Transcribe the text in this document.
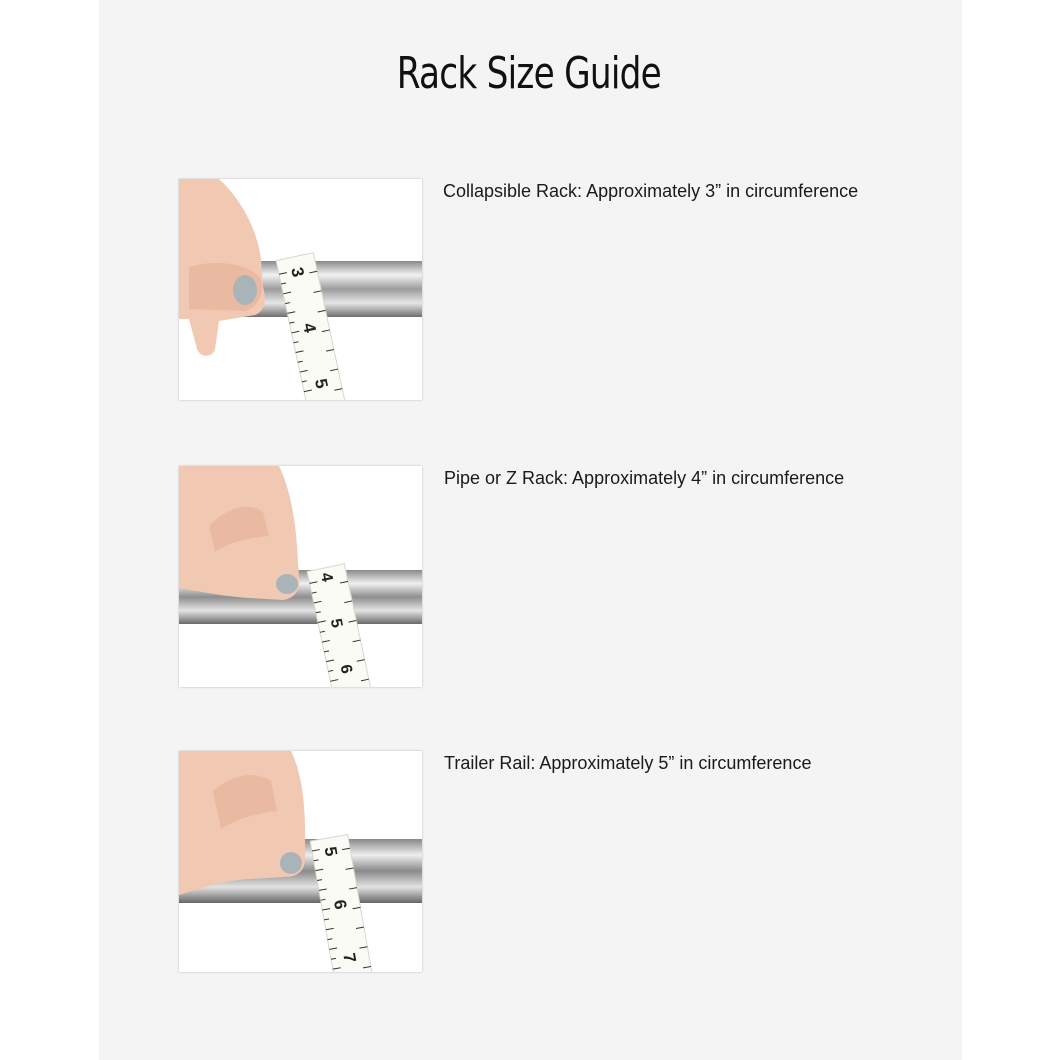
Rack Size Guide
3
4
5

Collapsible Rack: Approximately 3” in circumference

4
5
6

Pipe or Z Rack: Approximately 4” in circumference

5
6
7

Trailer Rail: Approximately 5” in circumference
